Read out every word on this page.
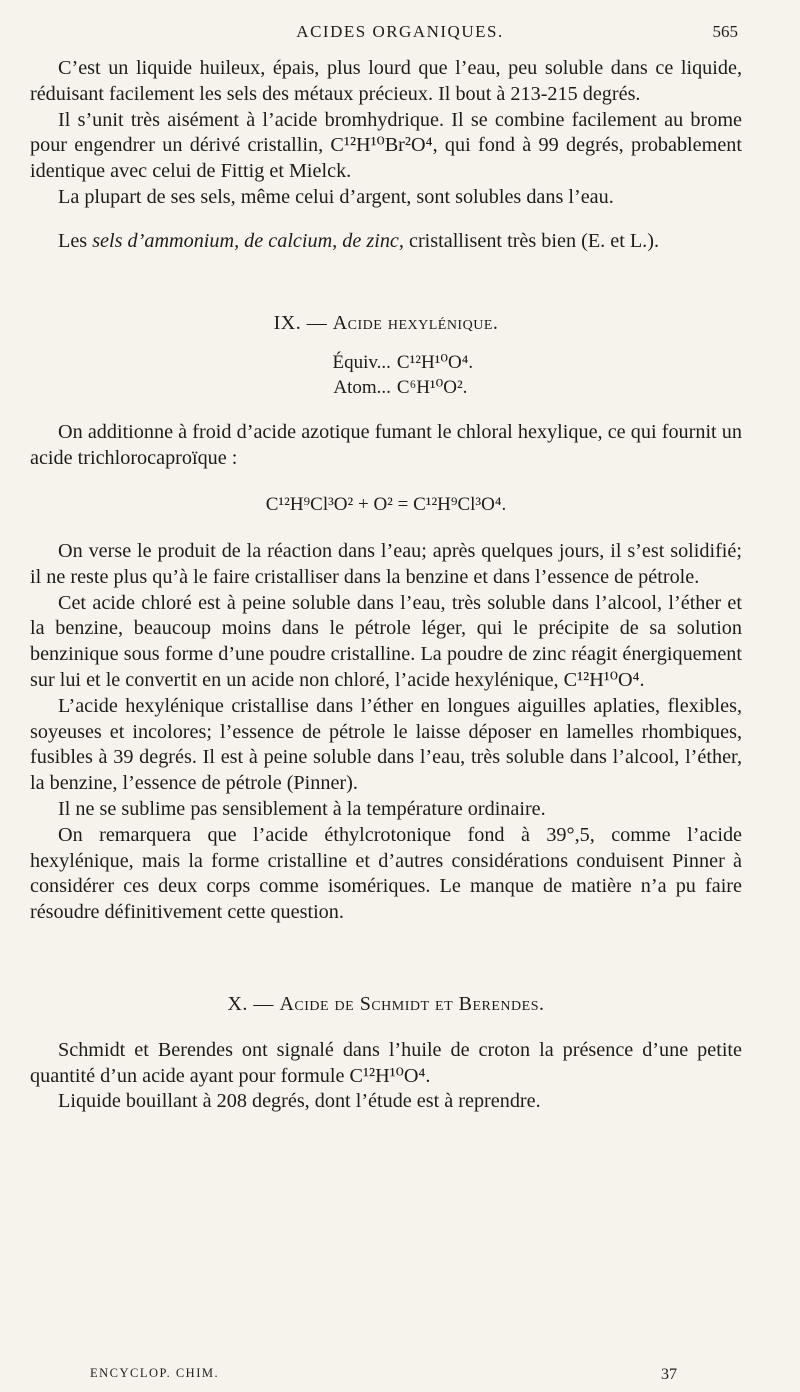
ACIDES ORGANIQUES.	565

C’est un liquide huileux, épais, plus lourd que l’eau, peu soluble dans ce liquide, réduisant facilement les sels des métaux précieux. Il bout à 213-215 degrés.

Il s’unit très aisément à l’acide bromhydrique. Il se combine facilement au brome pour engendrer un dérivé cristallin, C¹²H¹⁰Br²O⁴, qui fond à 99 degrés, probablement identique avec celui de Fittig et Mielck.

La plupart de ses sels, même celui d’argent, sont solubles dans l’eau.

Les sels d’ammonium, de calcium, de zinc, cristallisent très bien (E. et L.).

IX. — Acide hexylénique.

Équiv... C¹²H¹⁰O⁴.
Atom... C⁶H¹⁰O².

On additionne à froid d’acide azotique fumant le chloral hexylique, ce qui fournit un acide trichlorocaproïque :

C¹²H⁹Cl³O² + O² = C¹²H⁹Cl³O⁴.

On verse le produit de la réaction dans l’eau; après quelques jours, il s’est solidifié; il ne reste plus qu’à le faire cristalliser dans la benzine et dans l’essence de pétrole.

Cet acide chloré est à peine soluble dans l’eau, très soluble dans l’alcool, l’éther et la benzine, beaucoup moins dans le pétrole léger, qui le précipite de sa solution benzinique sous forme d’une poudre cristalline. La poudre de zinc réagit énergiquement sur lui et le convertit en un acide non chloré, l’acide hexylénique, C¹²H¹⁰O⁴.

L’acide hexylénique cristallise dans l’éther en longues aiguilles aplaties, flexibles, soyeuses et incolores; l’essence de pétrole le laisse déposer en lamelles rhombiques, fusibles à 39 degrés. Il est à peine soluble dans l’eau, très soluble dans l’alcool, l’éther, la benzine, l’essence de pétrole (Pinner).

Il ne se sublime pas sensiblement à la température ordinaire.

On remarquera que l’acide éthylcrotonique fond à 39°,5, comme l’acide hexylénique, mais la forme cristalline et d’autres considérations conduisent Pinner à considérer ces deux corps comme isomériques. Le manque de matière n’a pu faire résoudre définitivement cette question.

X. — Acide de Schmidt et Berendes.

Schmidt et Berendes ont signalé dans l’huile de croton la présence d’une petite quantité d’un acide ayant pour formule C¹²H¹⁰O⁴.

Liquide bouillant à 208 degrés, dont l’étude est à reprendre.

ENCYCLOP. CHIM.	37
